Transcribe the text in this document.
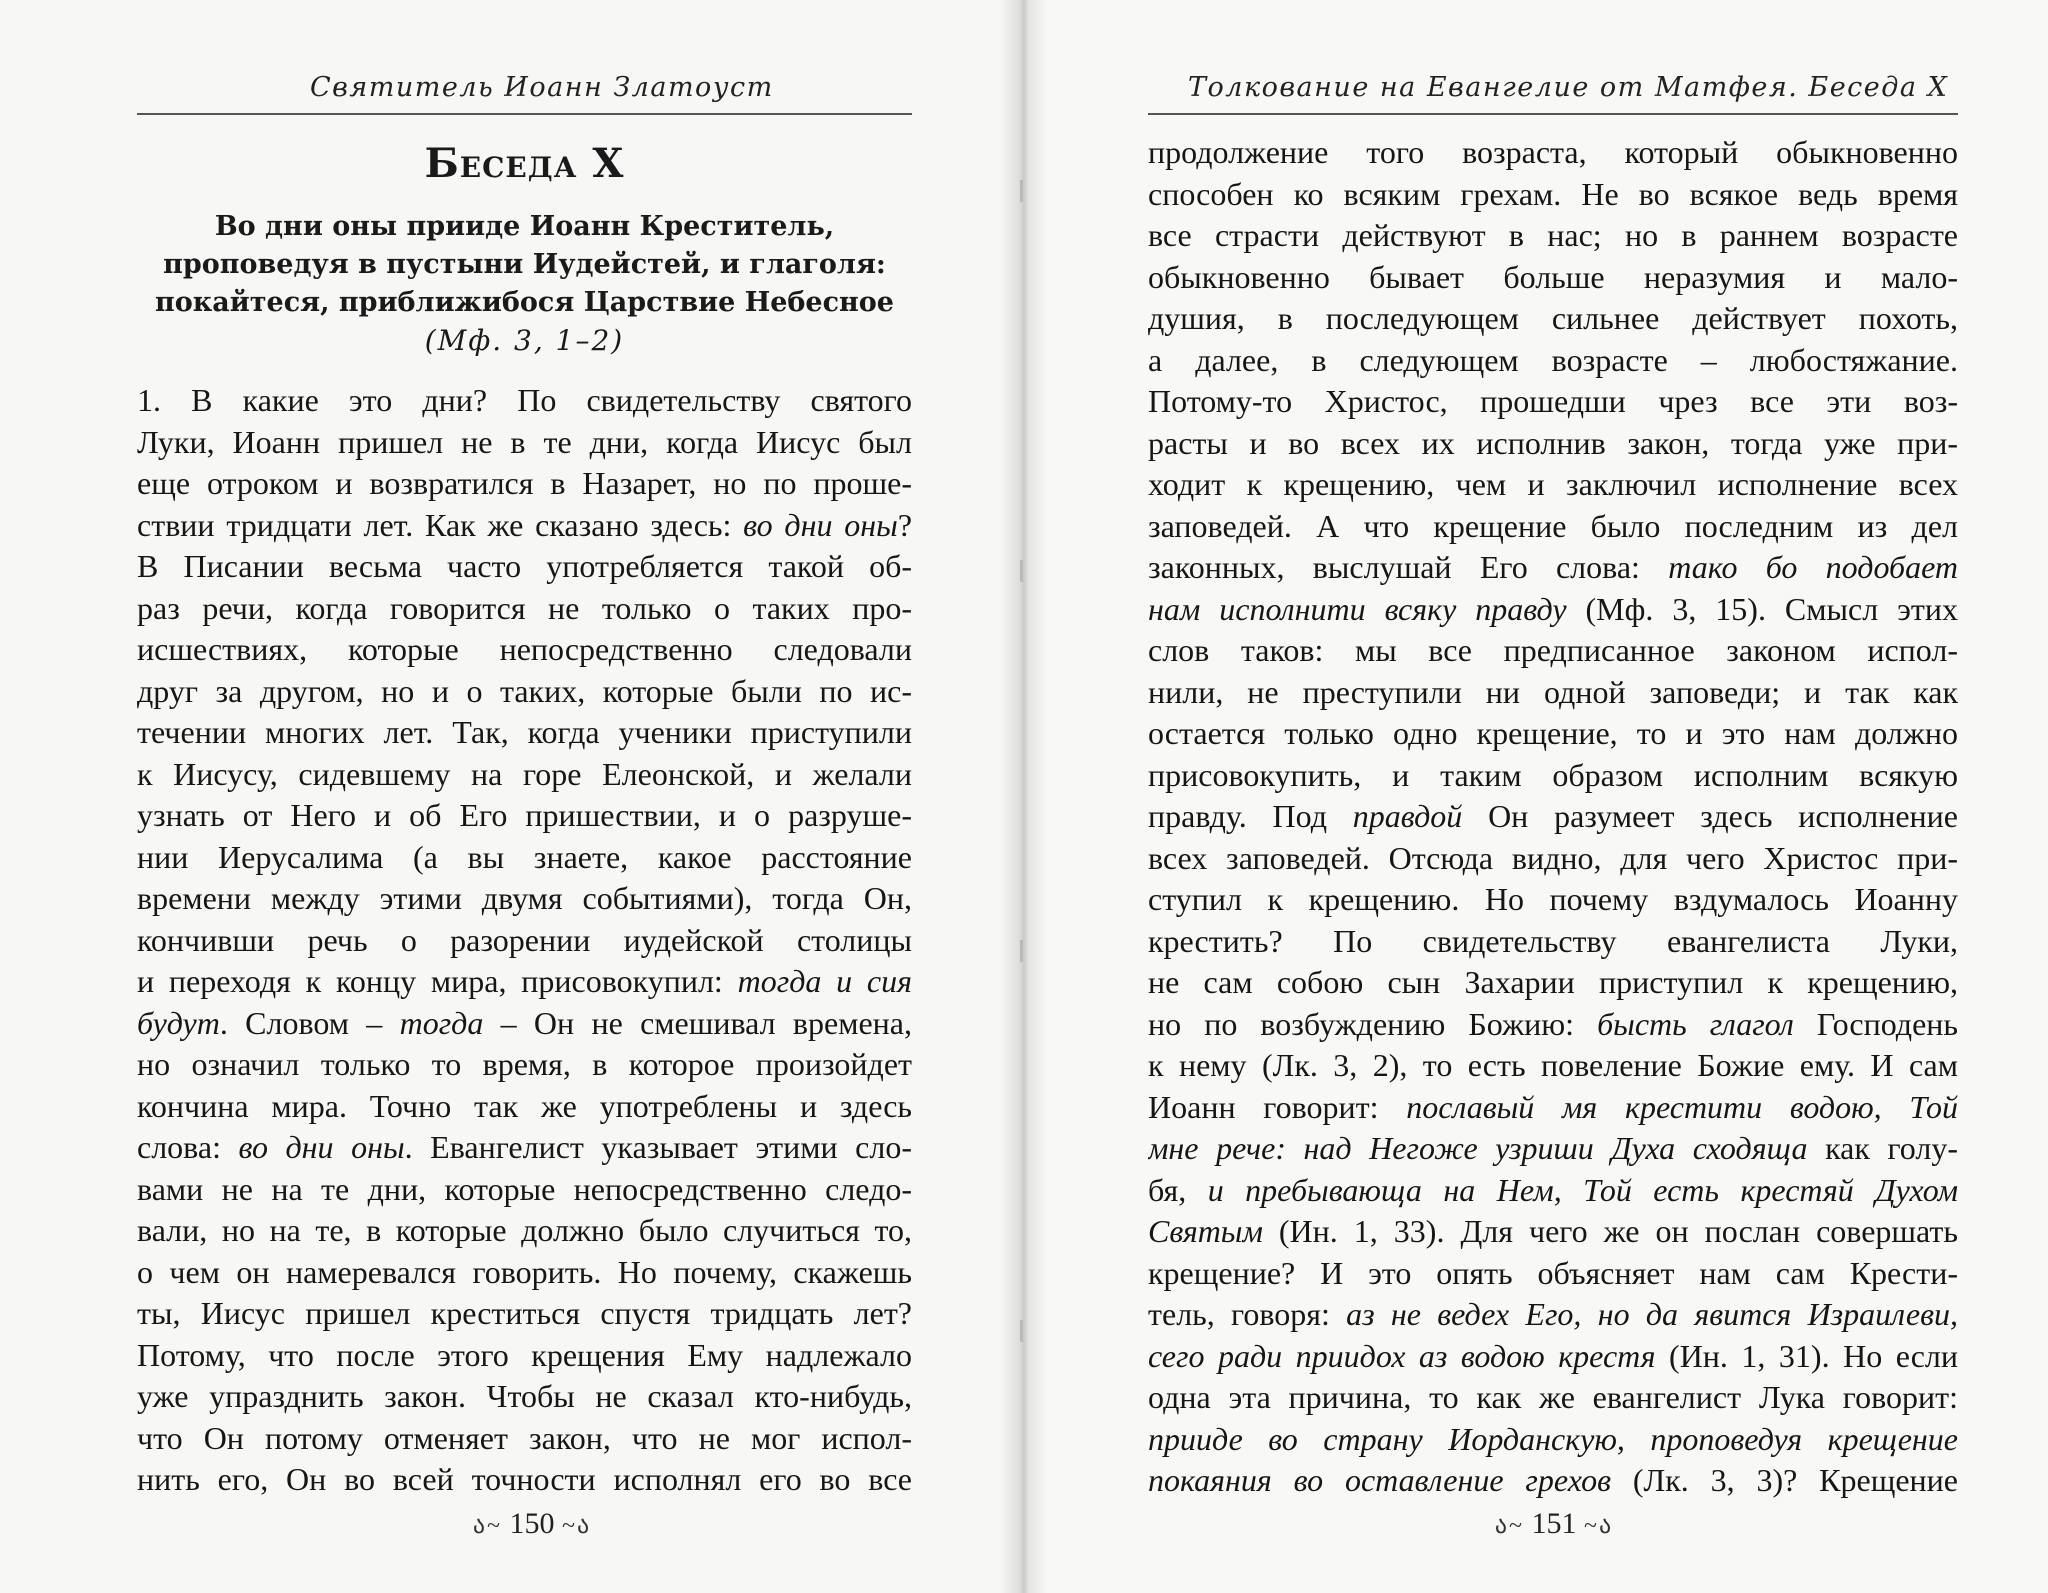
Святитель Иоанн Златоуст
Беседа X
Во дни оны прииде Иоанн Креститель,
проповедуя в пустыни Иудейстей, и глаголя:
покайтеся, приближибося Царствие Небесное
(Мф. 3, 1–2)
1. В какие это дни? По свидетельству святого
Луки, Иоанн пришел не в те дни, когда Иисус был
еще отроком и возвратился в Назарет, но по проше-
ствии тридцати лет. Как же сказано здесь: во дни оны?
В Писании весьма часто употребляется такой об-
раз речи, когда говорится не только о таких про-
исшествиях, которые непосредственно следовали
друг за другом, но и о таких, которые были по ис-
течении многих лет. Так, когда ученики приступили
к Иисусу, сидевшему на горе Елеонской, и желали
узнать от Него и об Его пришествии, и о разруше-
нии Иерусалима (а вы знаете, какое расстояние
времени между этими двумя событиями), тогда Он,
кончивши речь о разорении иудейской столицы
и переходя к концу мира, присовокупил: тогда и сия
будут. Словом – тогда – Он не смешивал времена,
но означил только то время, в которое произойдет
кончина мира. Точно так же употреблены и здесь
слова: во дни оны. Евангелист указывает этими сло-
вами не на те дни, которые непосредственно следо-
вали, но на те, в которые должно было случиться то,
о чем он намеревался говорить. Но почему, скажешь
ты, Иисус пришел креститься спустя тридцать лет?
Потому, что после этого крещения Ему надлежало
уже упразднить закон. Чтобы не сказал кто-нибудь,
что Он потому отменяет закон, что не мог испол-
нить его, Он во всей точности исполнял его во все
ა~ 150 ~ა
Толкование на Евангелие от Матфея. Беседа X
продолжение того возраста, который обыкновенно
способен ко всяким грехам. Не во всякое ведь время
все страсти действуют в нас; но в раннем возрасте
обыкновенно бывает больше неразумия и мало-
душия, в последующем сильнее действует похоть,
а далее, в следующем возрасте – любостяжание.
Потому-то Христос, прошедши чрез все эти воз-
расты и во всех их исполнив закон, тогда уже при-
ходит к крещению, чем и заключил исполнение всех
заповедей. А что крещение было последним из дел
законных, выслушай Его слова: тако бо подобает
нам исполнити всяку правду (Мф. 3, 15). Смысл этих
слов таков: мы все предписанное законом испол-
нили, не преступили ни одной заповеди; и так как
остается только одно крещение, то и это нам должно
присовокупить, и таким образом исполним всякую
правду. Под правдой Он разумеет здесь исполнение
всех заповедей. Отсюда видно, для чего Христос при-
ступил к крещению. Но почему вздумалось Иоанну
крестить? По свидетельству евангелиста Луки,
не сам собою сын Захарии приступил к крещению,
но по возбуждению Божию: бысть глагол Господень
к нему (Лк. 3, 2), то есть повеление Божие ему. И сам
Иоанн говорит: пославый мя крестити водою, Той
мне рече: над Негоже узриши Духа сходяща как голу-
бя, и пребывающа на Нем, Той есть крестяй Духом
Святым (Ин. 1, 33). Для чего же он послан совершать
крещение? И это опять объясняет нам сам Крести-
тель, говоря: аз не ведех Его, но да явится Израилеви,
сего ради приидох аз водою крестя (Ин. 1, 31). Но если
одна эта причина, то как же евангелист Лука говорит:
прииде во страну Иорданскую, проповедуя крещение
покаяния во оставление грехов (Лк. 3, 3)? Крещение
ა~ 151 ~ა
